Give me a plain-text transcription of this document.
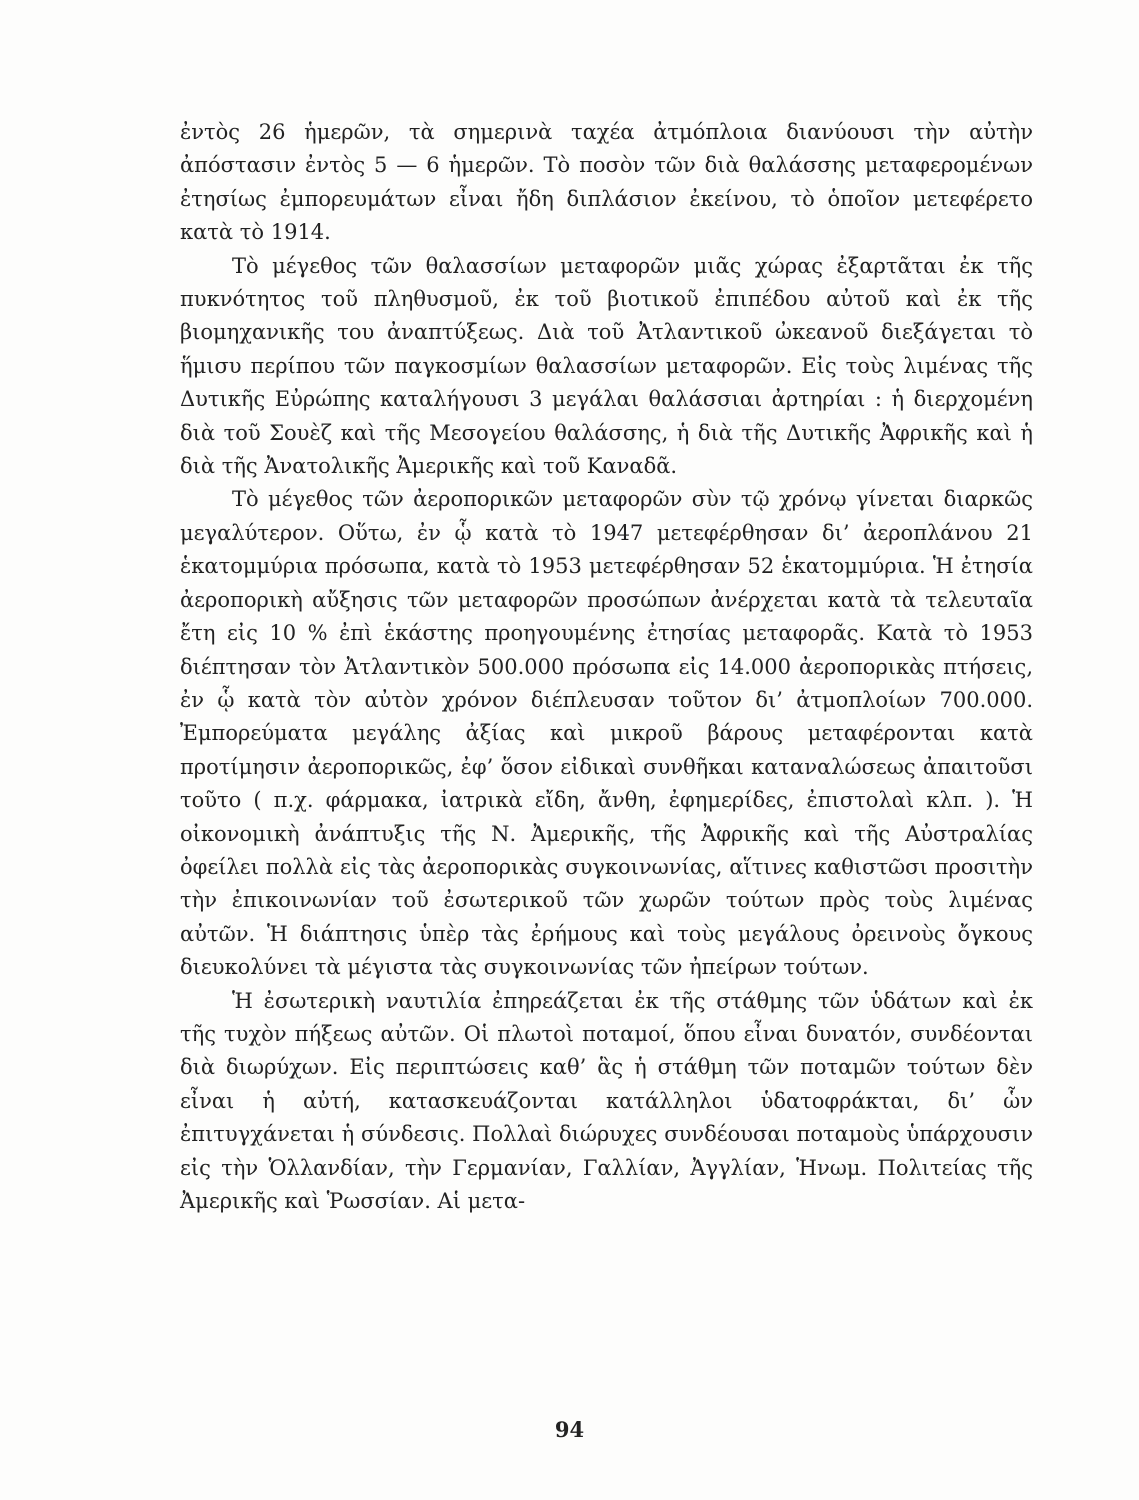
ἐντὸς 26 ἡμερῶν, τὰ σημερινὰ ταχέα ἀτμόπλοια διανύουσι τὴν αὐτὴν ἀπόστασιν ἐντὸς 5 — 6 ἡμερῶν. Τὸ ποσὸν τῶν διὰ θαλάσσης μεταφερομένων ἐτησίως ἐμπορευμάτων εἶναι ἤδη διπλάσιον ἐκείνου, τὸ ὁποῖον μετεφέρετο κατὰ τὸ 1914.

Τὸ μέγεθος τῶν θαλασσίων μεταφορῶν μιᾶς χώρας ἐξαρτᾶται ἐκ τῆς πυκνότητος τοῦ πληθυσμοῦ, ἐκ τοῦ βιοτικοῦ ἐπιπέδου αὐτοῦ καὶ ἐκ τῆς βιομηχανικῆς του ἀναπτύξεως. Διὰ τοῦ Ἀτλαντικοῦ ὠκεανοῦ διεξάγεται τὸ ἥμισυ περίπου τῶν παγκοσμίων θαλασσίων μεταφορῶν. Εἰς τοὺς λιμένας τῆς Δυτικῆς Εὐρώπης καταλήγουσι 3 μεγάλαι θαλάσσιαι ἀρτηρίαι : ἡ διερχομένη διὰ τοῦ Σουὲζ καὶ τῆς Μεσογείου θαλάσσης, ἡ διὰ τῆς Δυτικῆς Ἀφρικῆς καὶ ἡ διὰ τῆς Ἀνατολικῆς Ἀμερικῆς καὶ τοῦ Καναδᾶ.

Τὸ μέγεθος τῶν ἀεροπορικῶν μεταφορῶν σὺν τῷ χρόνῳ γίνεται διαρκῶς μεγαλύτερον. Οὕτω, ἐν ᾧ κατὰ τὸ 1947 μετεφέρθησαν δι’ ἀεροπλάνου 21 ἑκατομμύρια πρόσωπα, κατὰ τὸ 1953 μετεφέρθησαν 52 ἑκατομμύρια. Ἡ ἐτησία ἀεροπορικὴ αὔξησις τῶν μεταφορῶν προσώπων ἀνέρχεται κατὰ τὰ τελευταῖα ἔτη εἰς 10 % ἐπὶ ἑκάστης προηγουμένης ἐτησίας μεταφορᾶς. Κατὰ τὸ 1953 διέπτησαν τὸν Ἀτλαντικὸν 500.000 πρόσωπα εἰς 14.000 ἀεροπορικὰς πτήσεις, ἐν ᾧ κατὰ τὸν αὐτὸν χρόνον διέπλευσαν τοῦτον δι’ ἀτμοπλοίων 700.000. Ἐμπορεύματα μεγάλης ἀξίας καὶ μικροῦ βάρους μεταφέρονται κατὰ προτίμησιν ἀεροπορικῶς, ἐφ’ ὅσον εἰδικαὶ συνθῆκαι καταναλώσεως ἀπαιτοῦσι τοῦτο ( π.χ. φάρμακα, ἰατρικὰ εἴδη, ἄνθη, ἐφημερίδες, ἐπιστολαὶ κλπ. ). Ἡ οἰκονομικὴ ἀνάπτυξις τῆς Ν. Ἀμερικῆς, τῆς Ἀφρικῆς καὶ τῆς Αὐστραλίας ὀφείλει πολλὰ εἰς τὰς ἀεροπορικὰς συγκοινωνίας, αἵτινες καθιστῶσι προσιτὴν τὴν ἐπικοινωνίαν τοῦ ἐσωτερικοῦ τῶν χωρῶν τούτων πρὸς τοὺς λιμένας αὐτῶν. Ἡ διάπτησις ὑπὲρ τὰς ἐρήμους καὶ τοὺς μεγάλους ὀρεινοὺς ὄγκους διευκολύνει τὰ μέγιστα τὰς συγκοινωνίας τῶν ἠπείρων τούτων.

Ἡ ἐσωτερικὴ ναυτιλία ἐπηρεάζεται ἐκ τῆς στάθμης τῶν ὑδάτων καὶ ἐκ τῆς τυχὸν πήξεως αὐτῶν. Οἱ πλωτοὶ ποταμοί, ὅπου εἶναι δυνατόν, συνδέονται διὰ διωρύχων. Εἰς περιπτώσεις καθ’ ἃς ἡ στάθμη τῶν ποταμῶν τούτων δὲν εἶναι ἡ αὐτή, κατασκευάζονται κατάλληλοι ὑδατοφράκται, δι’ ὧν ἐπιτυγχάνεται ἡ σύνδεσις. Πολλαὶ διώρυχες συνδέουσαι ποταμοὺς ὑπάρχουσιν εἰς τὴν Ὁλλανδίαν, τὴν Γερμανίαν, Γαλλίαν, Ἀγγλίαν, Ἡνωμ. Πολιτείας τῆς Ἀμερικῆς καὶ Ῥωσσίαν. Αἱ μετα-

94
